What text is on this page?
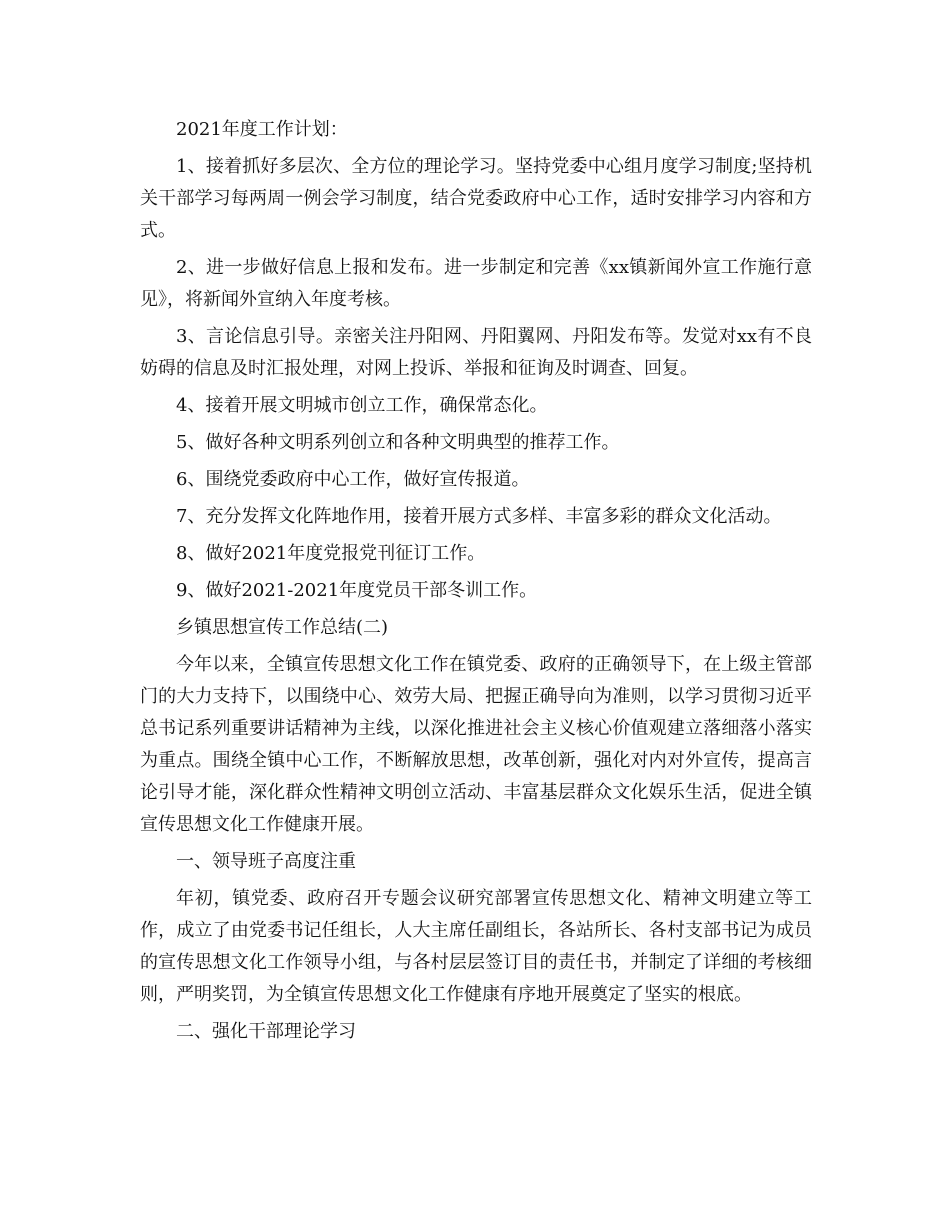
2021年度工作计划：

1、接着抓好多层次、全方位的理论学习。坚持党委中心组月度学习制度;坚持机关干部学习每两周一例会学习制度，结合党委政府中心工作，适时安排学习内容和方式。

2、进一步做好信息上报和发布。进一步制定和完善《xx镇新闻外宣工作施行意见》，将新闻外宣纳入年度考核。

3、言论信息引导。亲密关注丹阳网、丹阳翼网、丹阳发布等。发觉对xx有不良妨碍的信息及时汇报处理，对网上投诉、举报和征询及时调查、回复。

4、接着开展文明城市创立工作，确保常态化。

5、做好各种文明系列创立和各种文明典型的推荐工作。

6、围绕党委政府中心工作，做好宣传报道。

7、充分发挥文化阵地作用，接着开展方式多样、丰富多彩的群众文化活动。

8、做好2021年度党报党刊征订工作。

9、做好2021-2021年度党员干部冬训工作。

乡镇思想宣传工作总结(二)

今年以来，全镇宣传思想文化工作在镇党委、政府的正确领导下，在上级主管部门的大力支持下，以围绕中心、效劳大局、把握正确导向为准则，以学习贯彻习近平总书记系列重要讲话精神为主线，以深化推进社会主义核心价值观建立落细落小落实为重点。围绕全镇中心工作，不断解放思想，改革创新，强化对内对外宣传，提高言论引导才能，深化群众性精神文明创立活动、丰富基层群众文化娱乐生活，促进全镇宣传思想文化工作健康开展。

一、领导班子高度注重

年初，镇党委、政府召开专题会议研究部署宣传思想文化、精神文明建立等工作，成立了由党委书记任组长，人大主席任副组长，各站所长、各村支部书记为成员的宣传思想文化工作领导小组，与各村层层签订目的责任书，并制定了详细的考核细则，严明奖罚，为全镇宣传思想文化工作健康有序地开展奠定了坚实的根底。

二、强化干部理论学习
